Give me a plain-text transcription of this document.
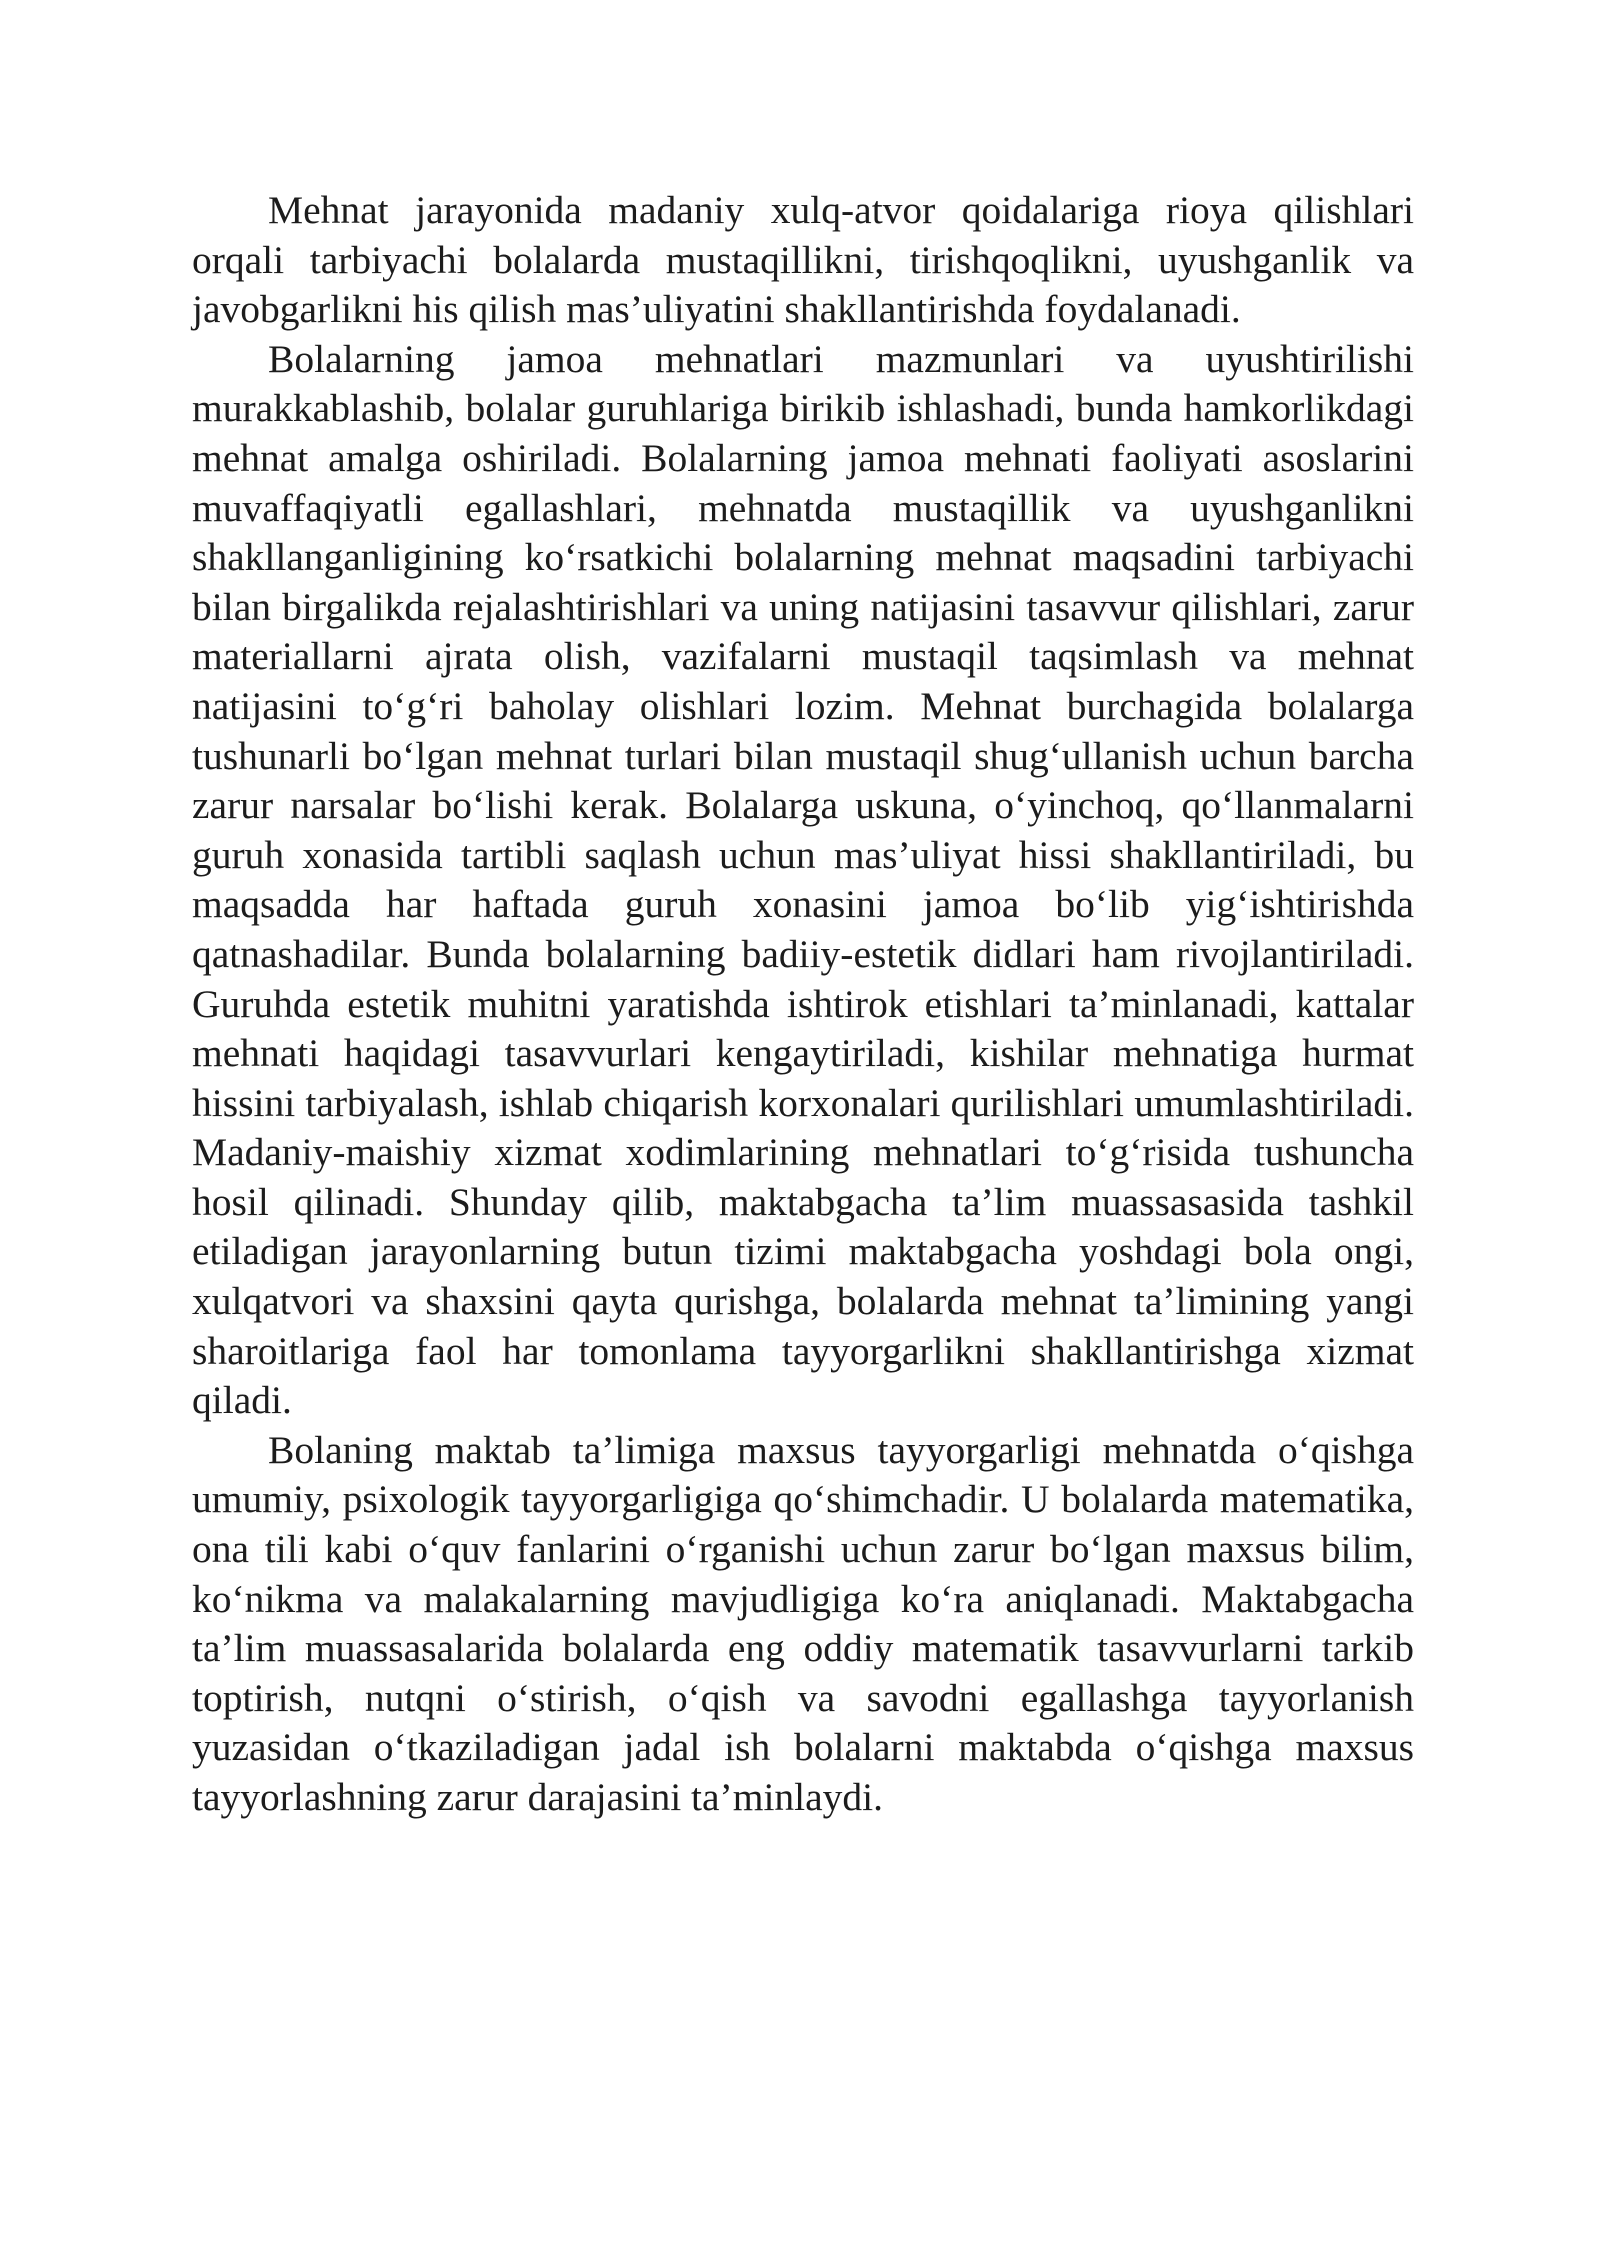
Mehnat jarayonida madaniy xulq-atvor qoidalariga rioya qilishlari orqali tarbiyachi bolalarda mustaqillikni, tirishqoqlikni, uyushganlik va javobgarlikni his qilish mas’uliyatini shakllantirishda foydalanadi.

Bolalarning jamoa mehnatlari mazmunlari va uyushtirilishi murakkablashib, bolalar guruhlariga birikib ishlashadi, bunda hamkorlikdagi mehnat amalga oshiriladi. Bolalarning jamoa mehnati faoliyati asoslarini muvaffaqiyatli egallashlari, mehnatda mustaqillik va uyushganlikni shakllanganligining ko‘rsatkichi bolalarning mehnat maqsadini tarbiyachi bilan birgalikda rejalashtirishlari va uning natijasini tasavvur qilishlari, zarur materiallarni ajrata olish, vazifalarni mustaqil taqsimlash va mehnat natijasini to‘g‘ri baholay olishlari lozim. Mehnat burchagida bolalarga tushunarli bo‘lgan mehnat turlari bilan mustaqil shug‘ullanish uchun barcha zarur narsalar bo‘lishi kerak. Bolalarga uskuna, o‘yinchoq, qo‘llanmalarni guruh xonasida tartibli saqlash uchun mas’uliyat hissi shakllantiriladi, bu maqsadda har haftada guruh xonasini jamoa bo‘lib yig‘ishtirishda qatnashadilar. Bunda bolalarning badiiy-estetik didlari ham rivojlantiriladi. Guruhda estetik muhitni yaratishda ishtirok etishlari ta’minlanadi, kattalar mehnati haqidagi tasavvurlari kengaytiriladi, kishilar mehnatiga hurmat hissini tarbiyalash, ishlab chiqarish korxonalari qurilishlari umumlashtiriladi. Madaniy-maishiy xizmat xodimlarining mehnatlari to‘g‘risida tushuncha hosil qilinadi. Shunday qilib, maktabgacha ta’lim muassasasida tashkil etiladigan jarayonlarning butun tizimi maktabgacha yoshdagi bola ongi, xulqatvori va shaxsini qayta qurishga, bolalarda mehnat ta’limining yangi sharoitlariga faol har tomonlama tayyorgarlikni shakllantirishga xizmat qiladi.

Bolaning maktab ta’limiga maxsus tayyorgarligi mehnatda o‘qishga umumiy, psixologik tayyorgarligiga qo‘shimchadir. U bolalarda matematika, ona tili kabi o‘quv fanlarini o‘rganishi uchun zarur bo‘lgan maxsus bilim, ko‘nikma va malakalarning mavjudligiga ko‘ra aniqlanadi. Maktabgacha ta’lim muassasalarida bolalarda eng oddiy matematik tasavvurlarni tarkib toptirish, nutqni o‘stirish, o‘qish va savodni egallashga tayyorlanish yuzasidan o‘tkaziladigan jadal ish bolalarni maktabda o‘qishga maxsus tayyorlashning zarur darajasini ta’minlaydi.
